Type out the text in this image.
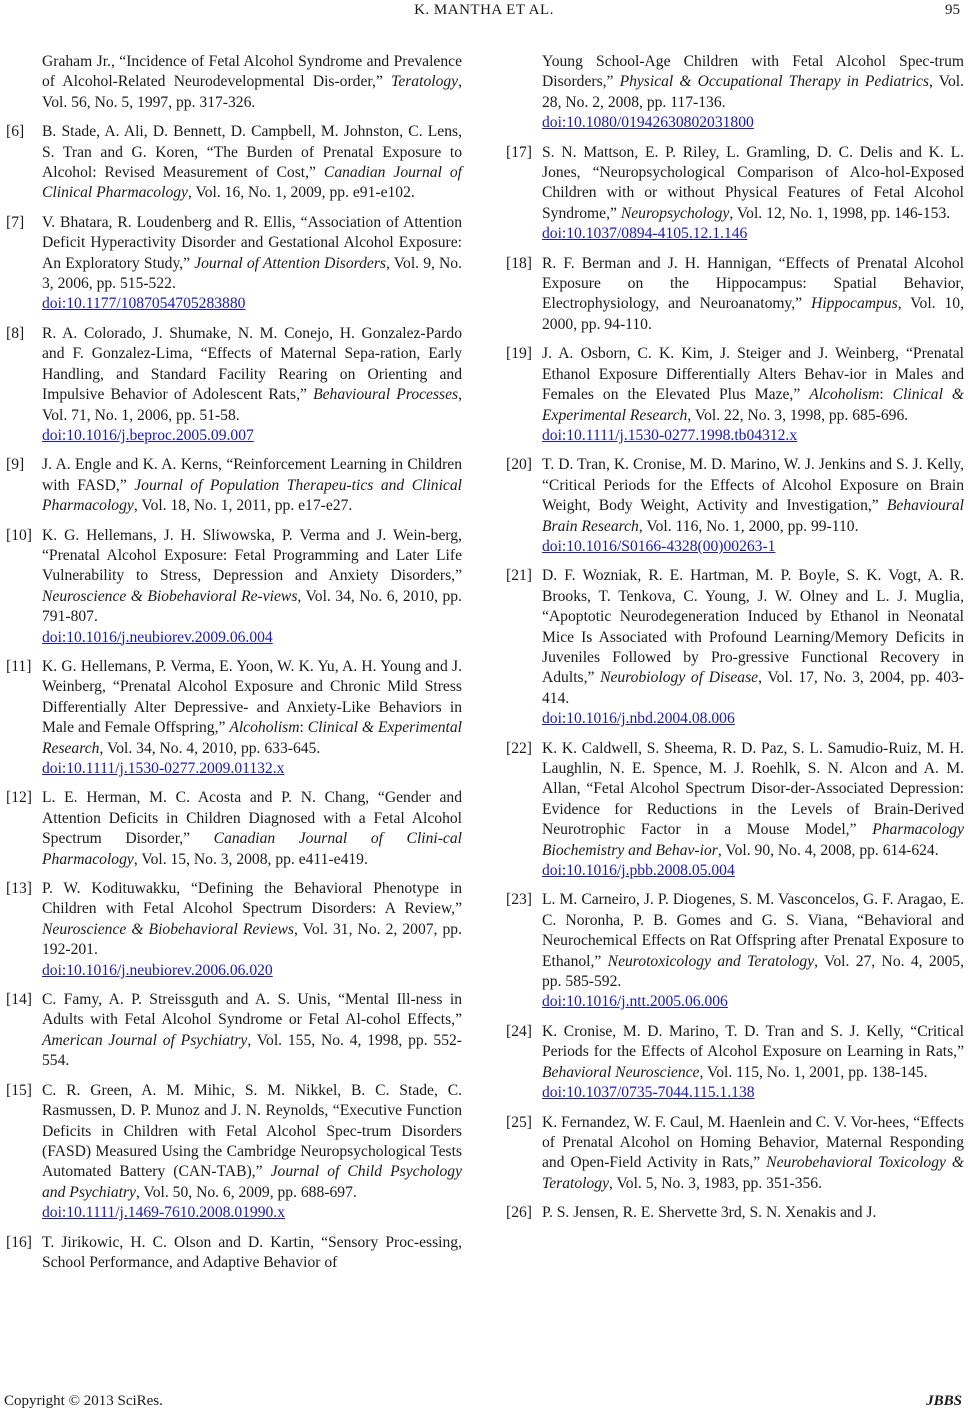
K. MANTHA ET AL.	95
Graham Jr., “Incidence of Fetal Alcohol Syndrome and Prevalence of Alcohol-Related Neurodevelopmental Dis-order,” Teratology, Vol. 56, No. 5, 1997, pp. 317-326.
[6] B. Stade, A. Ali, D. Bennett, D. Campbell, M. Johnston, C. Lens, S. Tran and G. Koren, “The Burden of Prenatal Exposure to Alcohol: Revised Measurement of Cost,” Canadian Journal of Clinical Pharmacology, Vol. 16, No. 1, 2009, pp. e91-e102.
[7] V. Bhatara, R. Loudenberg and R. Ellis, “Association of Attention Deficit Hyperactivity Disorder and Gestational Alcohol Exposure: An Exploratory Study,” Journal of Attention Disorders, Vol. 9, No. 3, 2006, pp. 515-522.
doi:10.1177/1087054705283880
[8] R. A. Colorado, J. Shumake, N. M. Conejo, H. Gonzalez-Pardo and F. Gonzalez-Lima, “Effects of Maternal Sepa-ration, Early Handling, and Standard Facility Rearing on Orienting and Impulsive Behavior of Adolescent Rats,” Behavioural Processes, Vol. 71, No. 1, 2006, pp. 51-58.
doi:10.1016/j.beproc.2005.09.007
[9] J. A. Engle and K. A. Kerns, “Reinforcement Learning in Children with FASD,” Journal of Population Therapeu-tics and Clinical Pharmacology, Vol. 18, No. 1, 2011, pp. e17-e27.
[10] K. G. Hellemans, J. H. Sliwowska, P. Verma and J. Wein-berg, “Prenatal Alcohol Exposure: Fetal Programming and Later Life Vulnerability to Stress, Depression and Anxiety Disorders,” Neuroscience & Biobehavioral Re-views, Vol. 34, No. 6, 2010, pp. 791-807.
doi:10.1016/j.neubiorev.2009.06.004
[11] K. G. Hellemans, P. Verma, E. Yoon, W. K. Yu, A. H. Young and J. Weinberg, “Prenatal Alcohol Exposure and Chronic Mild Stress Differentially Alter Depressive- and Anxiety-Like Behaviors in Male and Female Offspring,” Alcoholism: Clinical & Experimental Research, Vol. 34, No. 4, 2010, pp. 633-645.
doi:10.1111/j.1530-0277.2009.01132.x
[12] L. E. Herman, M. C. Acosta and P. N. Chang, “Gender and Attention Deficits in Children Diagnosed with a Fetal Alcohol Spectrum Disorder,” Canadian Journal of Clini-cal Pharmacology, Vol. 15, No. 3, 2008, pp. e411-e419.
[13] P. W. Kodituwakku, “Defining the Behavioral Phenotype in Children with Fetal Alcohol Spectrum Disorders: A Review,” Neuroscience & Biobehavioral Reviews, Vol. 31, No. 2, 2007, pp. 192-201.
doi:10.1016/j.neubiorev.2006.06.020
[14] C. Famy, A. P. Streissguth and A. S. Unis, “Mental Ill-ness in Adults with Fetal Alcohol Syndrome or Fetal Al-cohol Effects,” American Journal of Psychiatry, Vol. 155, No. 4, 1998, pp. 552-554.
[15] C. R. Green, A. M. Mihic, S. M. Nikkel, B. C. Stade, C. Rasmussen, D. P. Munoz and J. N. Reynolds, “Executive Function Deficits in Children with Fetal Alcohol Spec-trum Disorders (FASD) Measured Using the Cambridge Neuropsychological Tests Automated Battery (CAN-TAB),” Journal of Child Psychology and Psychiatry, Vol. 50, No. 6, 2009, pp. 688-697.
doi:10.1111/j.1469-7610.2008.01990.x
[16] T. Jirikowic, H. C. Olson and D. Kartin, “Sensory Proc-essing, School Performance, and Adaptive Behavior of
Young School-Age Children with Fetal Alcohol Spec-trum Disorders,” Physical & Occupational Therapy in Pediatrics, Vol. 28, No. 2, 2008, pp. 117-136.
doi:10.1080/01942630802031800
[17] S. N. Mattson, E. P. Riley, L. Gramling, D. C. Delis and K. L. Jones, “Neuropsychological Comparison of Alco-hol-Exposed Children with or without Physical Features of Fetal Alcohol Syndrome,” Neuropsychology, Vol. 12, No. 1, 1998, pp. 146-153.
doi:10.1037/0894-4105.12.1.146
[18] R. F. Berman and J. H. Hannigan, “Effects of Prenatal Alcohol Exposure on the Hippocampus: Spatial Behavior, Electrophysiology, and Neuroanatomy,” Hippocampus, Vol. 10, 2000, pp. 94-110.
[19] J. A. Osborn, C. K. Kim, J. Steiger and J. Weinberg, “Prenatal Ethanol Exposure Differentially Alters Behav-ior in Males and Females on the Elevated Plus Maze,” Alcoholism: Clinical & Experimental Research, Vol. 22, No. 3, 1998, pp. 685-696.
doi:10.1111/j.1530-0277.1998.tb04312.x
[20] T. D. Tran, K. Cronise, M. D. Marino, W. J. Jenkins and S. J. Kelly, “Critical Periods for the Effects of Alcohol Exposure on Brain Weight, Body Weight, Activity and Investigation,” Behavioural Brain Research, Vol. 116, No. 1, 2000, pp. 99-110.
doi:10.1016/S0166-4328(00)00263-1
[21] D. F. Wozniak, R. E. Hartman, M. P. Boyle, S. K. Vogt, A. R. Brooks, T. Tenkova, C. Young, J. W. Olney and L. J. Muglia, “Apoptotic Neurodegeneration Induced by Ethanol in Neonatal Mice Is Associated with Profound Learning/Memory Deficits in Juveniles Followed by Pro-gressive Functional Recovery in Adults,” Neurobiology of Disease, Vol. 17, No. 3, 2004, pp. 403-414.
doi:10.1016/j.nbd.2004.08.006
[22] K. K. Caldwell, S. Sheema, R. D. Paz, S. L. Samudio-Ruiz, M. H. Laughlin, N. E. Spence, M. J. Roehlk, S. N. Alcon and A. M. Allan, “Fetal Alcohol Spectrum Disor-der-Associated Depression: Evidence for Reductions in the Levels of Brain-Derived Neurotrophic Factor in a Mouse Model,” Pharmacology Biochemistry and Behav-ior, Vol. 90, No. 4, 2008, pp. 614-624.
doi:10.1016/j.pbb.2008.05.004
[23] L. M. Carneiro, J. P. Diogenes, S. M. Vasconcelos, G. F. Aragao, E. C. Noronha, P. B. Gomes and G. S. Viana, “Behavioral and Neurochemical Effects on Rat Offspring after Prenatal Exposure to Ethanol,” Neurotoxicology and Teratology, Vol. 27, No. 4, 2005, pp. 585-592.
doi:10.1016/j.ntt.2005.06.006
[24] K. Cronise, M. D. Marino, T. D. Tran and S. J. Kelly, “Critical Periods for the Effects of Alcohol Exposure on Learning in Rats,” Behavioral Neuroscience, Vol. 115, No. 1, 2001, pp. 138-145.
doi:10.1037/0735-7044.115.1.138
[25] K. Fernandez, W. F. Caul, M. Haenlein and C. V. Vor-hees, “Effects of Prenatal Alcohol on Homing Behavior, Maternal Responding and Open-Field Activity in Rats,” Neurobehavioral Toxicology & Teratology, Vol. 5, No. 3, 1983, pp. 351-356.
[26] P. S. Jensen, R. E. Shervette 3rd, S. N. Xenakis and J.
Copyright © 2013 SciRes.	JBBS
